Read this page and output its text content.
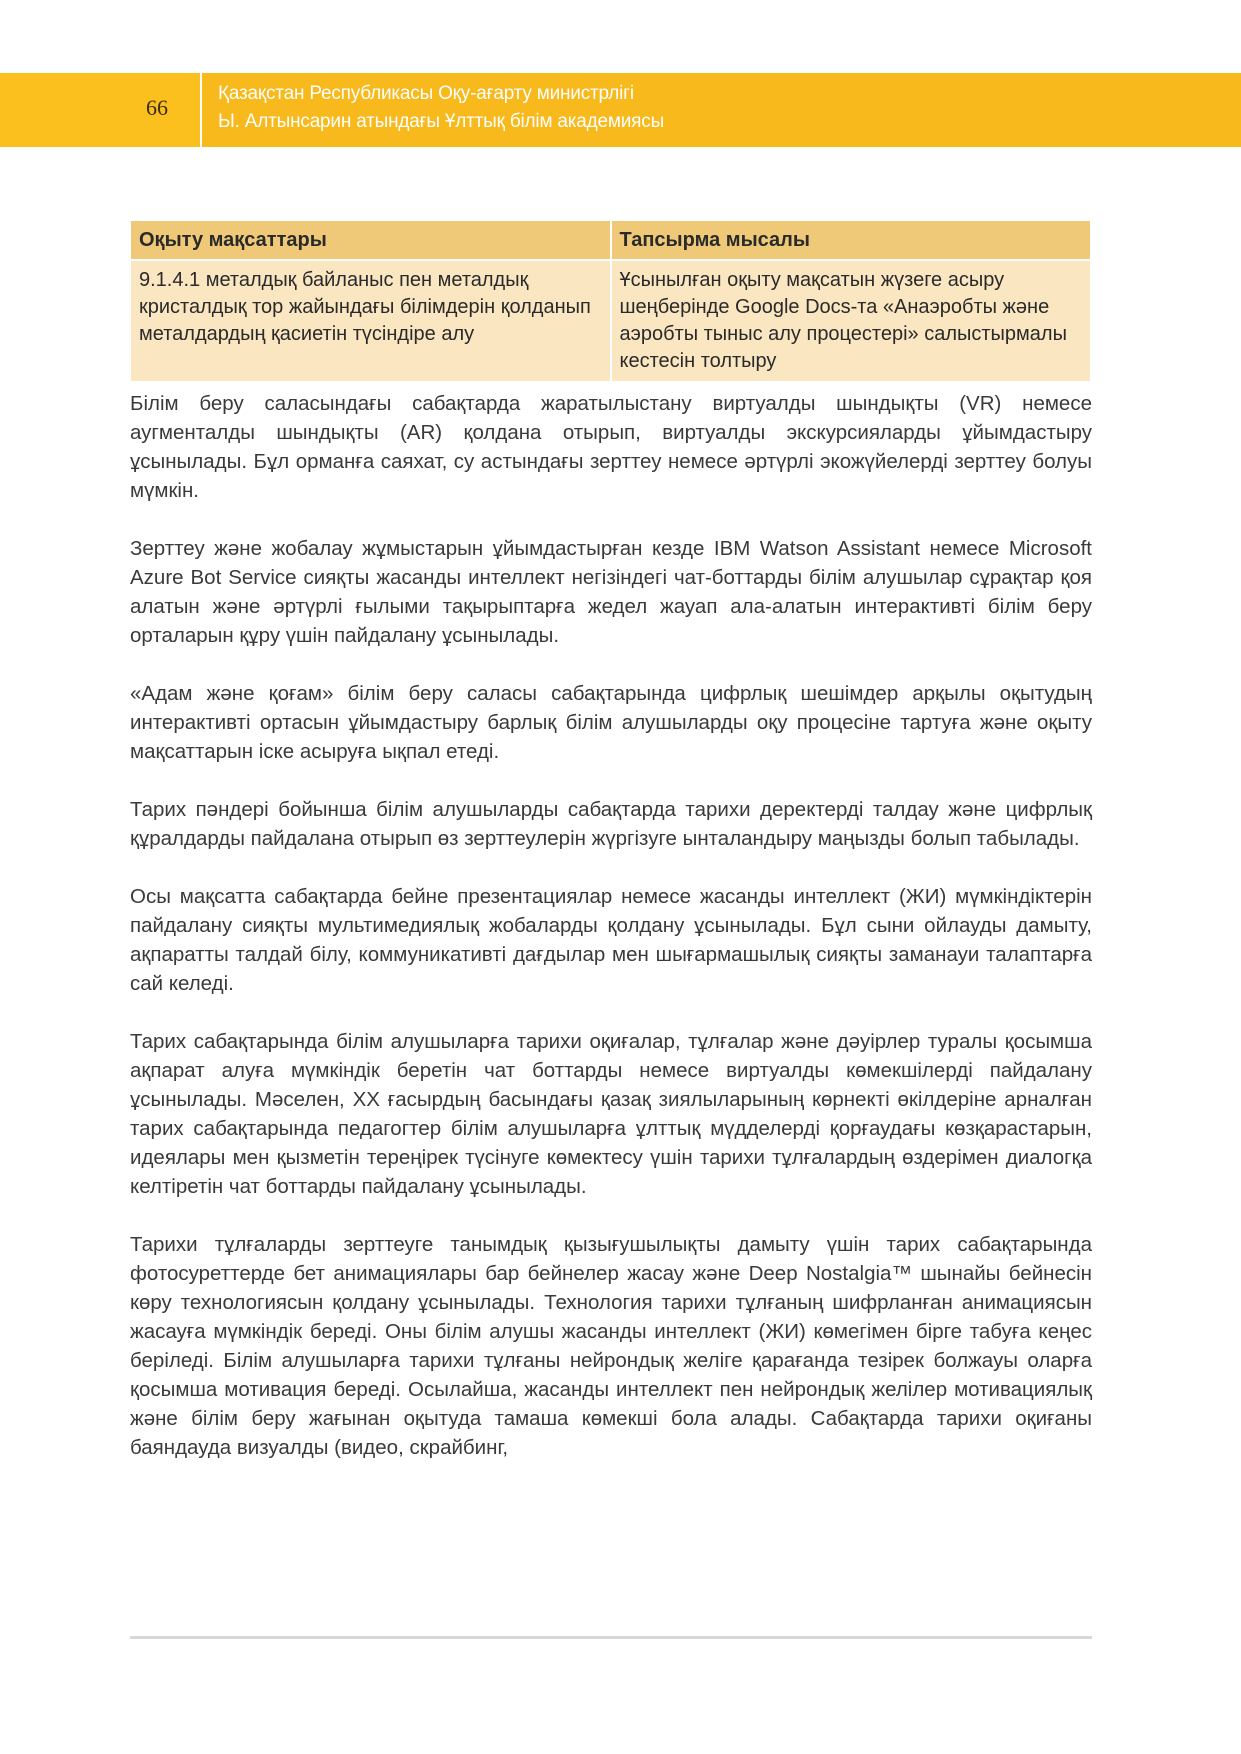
66
Қазақстан Республикасы Оқу-ағарту министрлігі
Ы. Алтынсарин атындағы Ұлттық білім академиясы
Оқыту мақсаттары	Тапсырма мысалы
9.1.4.1 металдық байланыс пен металдық кристалдық тор жайындағы білімдерін қолданып металдардың қасиетін түсіндіре алу	Ұсынылған оқыту мақсатын жүзеге асыру шеңберінде Google Docs-та «Анаэробты және аэробты тыныс алу процестері» салыстырмалы кестесін толтыру

Білім беру саласындағы сабақтарда жаратылыстану виртуалды шындықты (VR) немесе аугменталды шындықты (AR) қолдана отырып, виртуалды экскурсияларды ұйымдастыру ұсынылады. Бұл орманға саяхат, су астындағы зерттеу немесе әртүрлі экожүйелерді зерттеу болуы мүмкін.

Зерттеу және жобалау жұмыстарын ұйымдастырған кезде IBM Watson Assistant немесе Microsoft Azure Bot Service сияқты жасанды интеллект негізіндегі чат-боттарды білім алушылар сұрақтар қоя алатын және әртүрлі ғылыми тақырыптарға жедел жауап ала-алатын интерактивті білім беру орталарын құру үшін пайдалану ұсынылады.

«Адам және қоғам» білім беру саласы сабақтарында цифрлық шешімдер арқылы оқытудың интерактивті ортасын ұйымдастыру барлық білім алушыларды оқу процесіне тартуға және оқыту мақсаттарын іске асыруға ықпал етеді.

Тарих пәндері бойынша білім алушыларды сабақтарда тарихи деректерді талдау және цифрлық құралдарды пайдалана отырып өз зерттеулерін жүргізуге ынталандыру маңызды болып табылады.

Осы мақсатта сабақтарда бейне презентациялар немесе жасанды интеллект (ЖИ) мүмкіндіктерін пайдалану сияқты мультимедиялық жобаларды қолдану ұсынылады. Бұл сыни ойлауды дамыту, ақпаратты талдай білу, коммуникативті дағдылар мен шығармашылық сияқты заманауи талаптарға сай келеді.

Тарих сабақтарында білім алушыларға тарихи оқиғалар, тұлғалар және дәуірлер туралы қосымша ақпарат алуға мүмкіндік беретін чат боттарды немесе виртуалды көмекшілерді пайдалану ұсынылады. Мәселен, ХХ ғасырдың басындағы қазақ зиялыларының көрнекті өкілдеріне арналған тарих сабақтарында педагогтер білім алушыларға ұлттық мүдделерді қорғаудағы көзқарастарын, идеялары мен қызметін тереңірек түсінуге көмектесу үшін тарихи тұлғалардың өздерімен диалогқа келтіретін чат боттарды пайдалану ұсынылады.

Тарихи тұлғаларды зерттеуге танымдық қызығушылықты дамыту үшін тарих сабақтарында фотосуреттерде бет анимациялары бар бейнелер жасау және Deep Nostalgia™ шынайы бейнесін көру технологиясын қолдану ұсынылады. Технология тарихи тұлғаның шифрланған анимациясын жасауға мүмкіндік береді. Оны білім алушы жасанды интеллект (ЖИ) көмегімен бірге табуға кеңес беріледі. Білім алушыларға тарихи тұлғаны нейрондық желіге қарағанда тезірек болжауы оларға қосымша мотивация береді. Осылайша, жасанды интеллект пен нейрондық желілер мотивациялық және білім беру жағынан оқытуда тамаша көмекші бола алады. Сабақтарда тарихи оқиғаны баяндауда визуалды (видео, скрайбинг,
